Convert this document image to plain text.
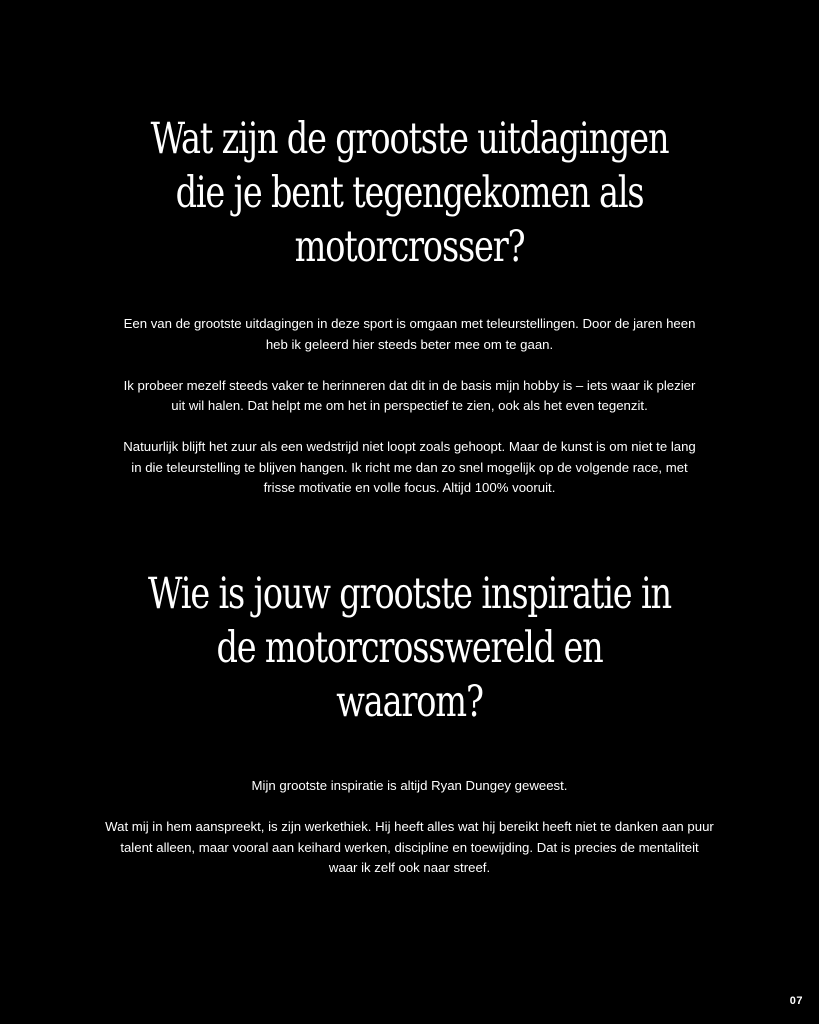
Wat zijn de grootste uitdagingen
die je bent tegengekomen als
motorcrosser?

Een van de grootste uitdagingen in deze sport is omgaan met teleurstellingen. Door de jaren heen
heb ik geleerd hier steeds beter mee om te gaan.

Ik probeer mezelf steeds vaker te herinneren dat dit in de basis mijn hobby is – iets waar ik plezier
uit wil halen. Dat helpt me om het in perspectief te zien, ook als het even tegenzit.

Natuurlijk blijft het zuur als een wedstrijd niet loopt zoals gehoopt. Maar de kunst is om niet te lang
in die teleurstelling te blijven hangen. Ik richt me dan zo snel mogelijk op de volgende race, met
frisse motivatie en volle focus. Altijd 100% vooruit.

Wie is jouw grootste inspiratie in
de motorcrosswereld en
waarom?

Mijn grootste inspiratie is altijd Ryan Dungey geweest.

Wat mij in hem aanspreekt, is zijn werkethiek. Hij heeft alles wat hij bereikt heeft niet te danken aan puur
talent alleen, maar vooral aan keihard werken, discipline en toewijding. Dat is precies de mentaliteit
waar ik zelf ook naar streef.

07
